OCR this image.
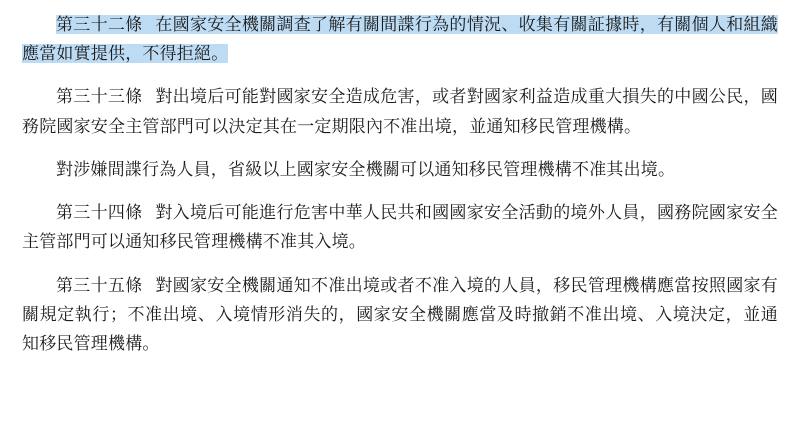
第三十二條 在國家安全機關調查了解有關間諜行為的情況、收集有關証據時，有關個人和組織應當如實提供，不得拒絕。

第三十三條 對出境后可能對國家安全造成危害，或者對國家利益造成重大損失的中國公民，國務院國家安全主管部門可以決定其在一定期限內不准出境，並通知移民管理機構。

對涉嫌間諜行為人員，省級以上國家安全機關可以通知移民管理機構不准其出境。

第三十四條 對入境后可能進行危害中華人民共和國國家安全活動的境外人員，國務院國家安全主管部門可以通知移民管理機構不准其入境。

第三十五條 對國家安全機關通知不准出境或者不准入境的人員，移民管理機構應當按照國家有關規定執行；不准出境、入境情形消失的，國家安全機關應當及時撤銷不准出境、入境決定，並通知移民管理機構。
